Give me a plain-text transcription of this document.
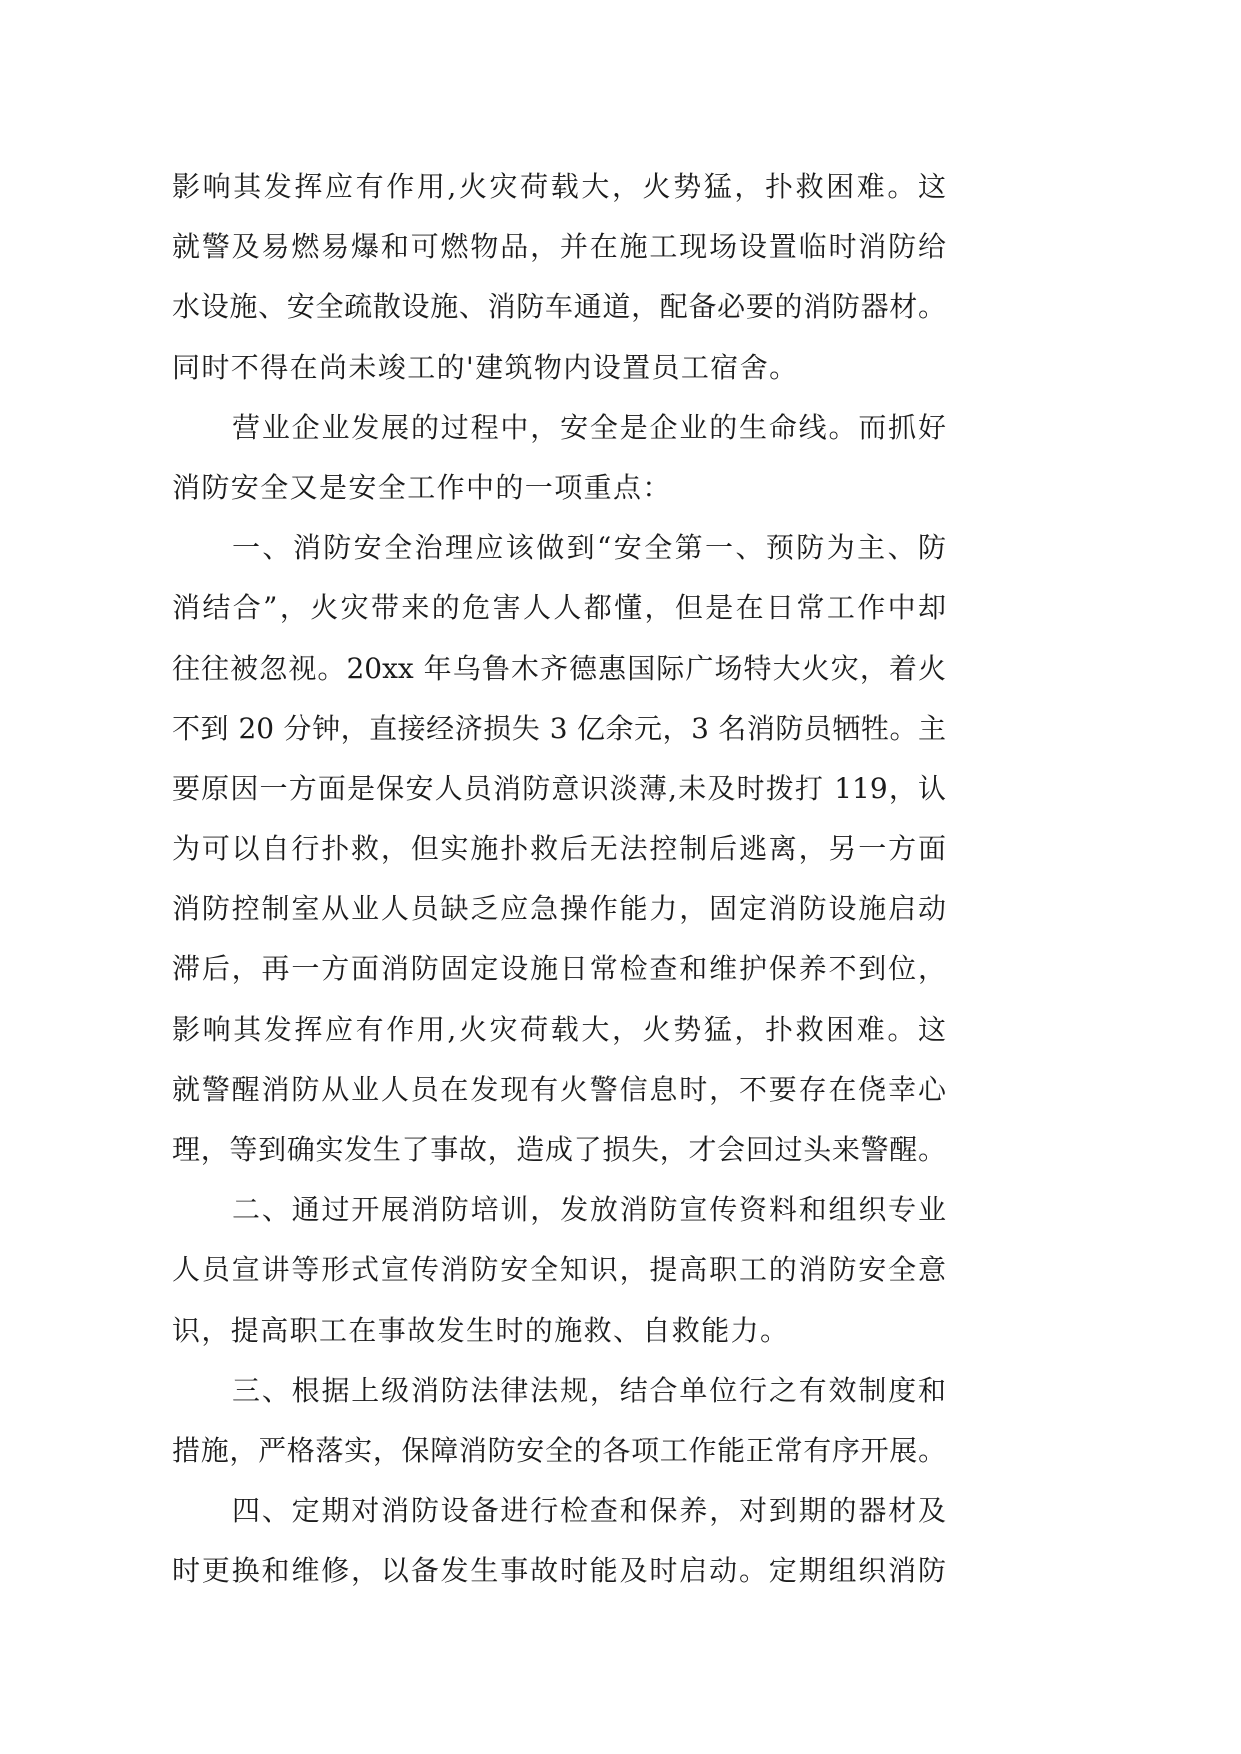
影响其发挥应有作用,火灾荷载大，火势猛，扑救困难。这
就警及易燃易爆和可燃物品，并在施工现场设置临时消防给
水设施、安全疏散设施、消防车通道，配备必要的消防器材。
同时不得在尚未竣工的'建筑物内设置员工宿舍。
营业企业发展的过程中，安全是企业的生命线。而抓好
消防安全又是安全工作中的一项重点：
一、消防安全治理应该做到“安全第一、预防为主、防
消结合”，火灾带来的危害人人都懂，但是在日常工作中却
往往被忽视。20xx 年乌鲁木齐德惠国际广场特大火灾，着火
不到 20 分钟，直接经济损失 3 亿余元，3 名消防员牺牲。主
要原因一方面是保安人员消防意识淡薄,未及时拨打 119，认
为可以自行扑救，但实施扑救后无法控制后逃离，另一方面
消防控制室从业人员缺乏应急操作能力，固定消防设施启动
滞后，再一方面消防固定设施日常检查和维护保养不到位，
影响其发挥应有作用,火灾荷载大，火势猛，扑救困难。这
就警醒消防从业人员在发现有火警信息时，不要存在侥幸心
理，等到确实发生了事故，造成了损失，才会回过头来警醒。
二、通过开展消防培训，发放消防宣传资料和组织专业
人员宣讲等形式宣传消防安全知识，提高职工的消防安全意
识，提高职工在事故发生时的施救、自救能力。
三、根据上级消防法律法规，结合单位行之有效制度和
措施，严格落实，保障消防安全的各项工作能正常有序开展。
四、定期对消防设备进行检查和保养，对到期的器材及
时更换和维修，以备发生事故时能及时启动。定期组织消防
